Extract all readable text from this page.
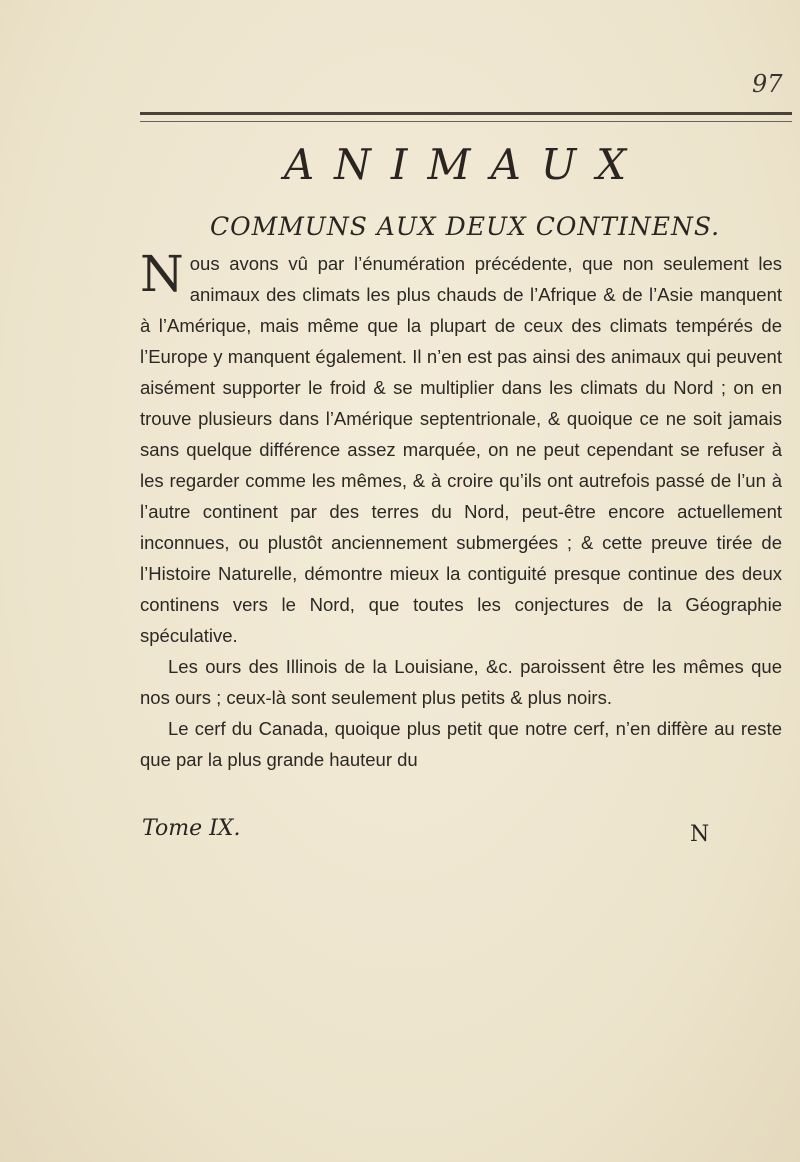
97
ANIMAUX
COMMUNS AUX DEUX CONTINENS.

Nous avons vû par l’énumération précédente, que non seulement les animaux des climats les plus chauds de l’Afrique & de l’Asie manquent à l’Amérique, mais même que la plupart de ceux des climats tempérés de l’Europe y manquent également. Il n’en est pas ainsi des animaux qui peuvent aisément supporter le froid & se multiplier dans les climats du Nord ; on en trouve plusieurs dans l’Amérique septentrionale, & quoique ce ne soit jamais sans quelque différence assez marquée, on ne peut cependant se refuser à les regarder comme les mêmes, & à croire qu’ils ont autrefois passé de l’un à l’autre continent par des terres du Nord, peut-être encore actuellement inconnues, ou plustôt anciennement submergées ; & cette preuve tirée de l’Histoire Naturelle, démontre mieux la contiguité presque continue des deux continens vers le Nord, que toutes les conjectures de la Géographie spéculative.

Les ours des Illinois de la Louisiane, &c. paroissent être les mêmes que nos ours ; ceux-là sont seulement plus petits & plus noirs.

Le cerf du Canada, quoique plus petit que notre cerf, n’en diffère au reste que par la plus grande hauteur du

Tome IX.	N
